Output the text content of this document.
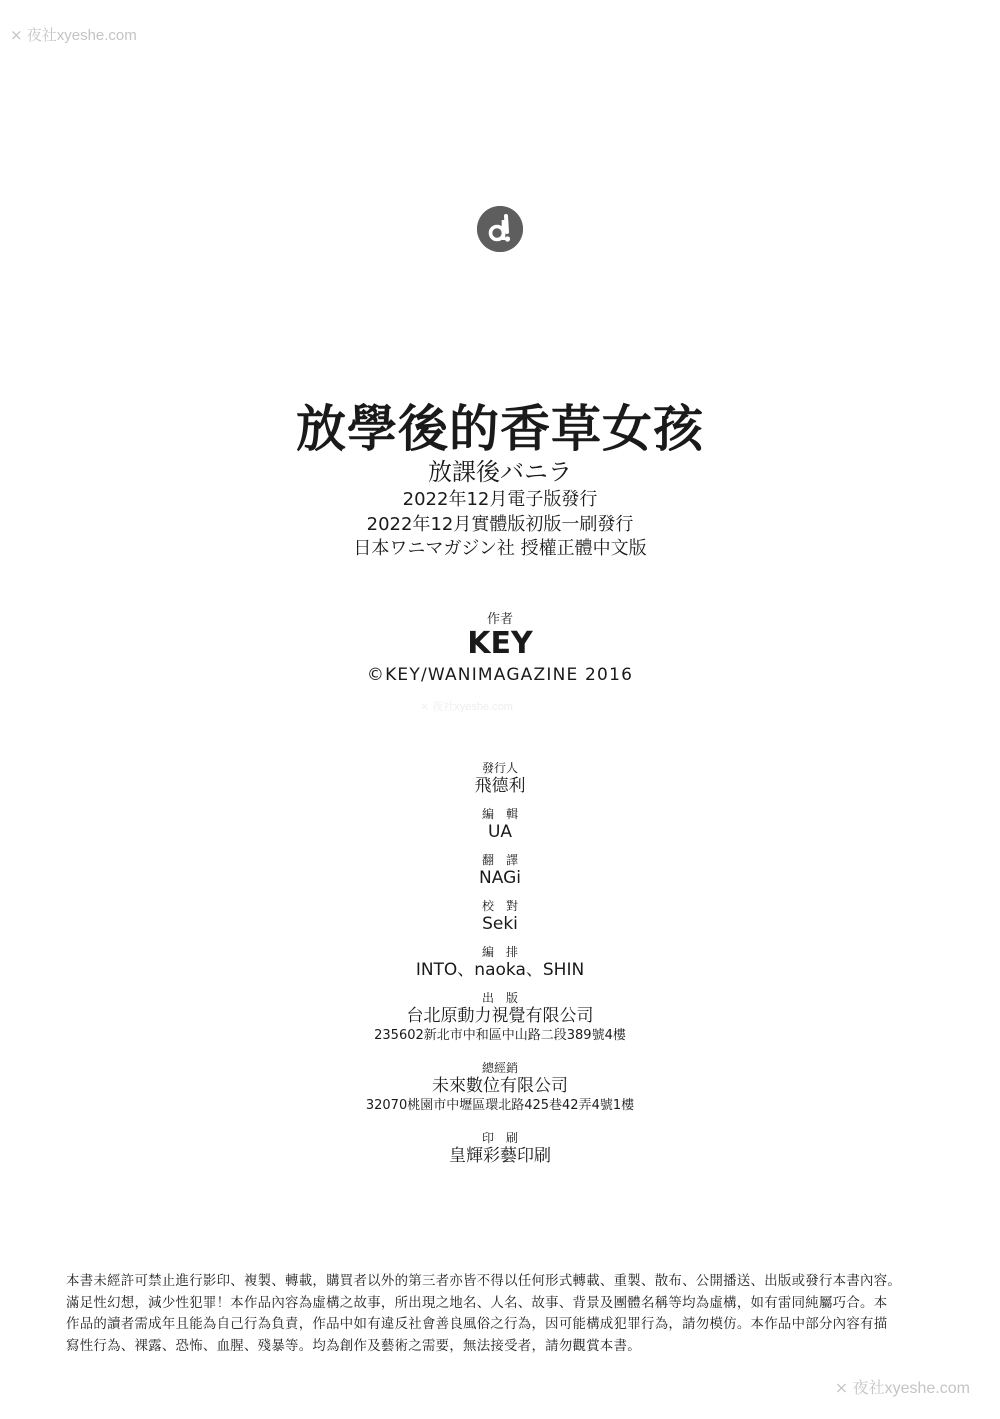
⨯ 夜社xyeshe.com
放學後的香草女孩
放課後バニラ
2022年12月電子版發行
2022年12月實體版初版一刷發行
日本ワニマガジン社 授權正體中文版
作者
KEY
©KEY/WANIMAGAZINE 2016
⨯ 夜社xyeshe.com
發行人
飛德利
編　輯
UA
翻　譯
NAGi
校　對
Seki
編　排
INTO、naoka、SHIN
出　版
台北原動力視覺有限公司
235602新北市中和區中山路二段389號4樓
總經銷
未來數位有限公司
32070桃園市中壢區環北路425巷42弄4號1樓
印　刷
皇輝彩藝印刷
本書未經許可禁止進行影印、複製、轉載，購買者以外的第三者亦皆不得以任何形式轉載、重製、散布、公開播送、出版或發行本書內容。
滿足性幻想，減少性犯罪！本作品內容為虛構之故事，所出現之地名、人名、故事、背景及團體名稱等均為虛構，如有雷同純屬巧合。本
作品的讀者需成年且能為自己行為負責，作品中如有違反社會善良風俗之行為，因可能構成犯罪行為，請勿模仿。本作品中部分內容有描
寫性行為、裸露、恐怖、血腥、殘暴等。均為創作及藝術之需要，無法接受者，請勿觀賞本書。
⨯ 夜社xyeshe.com
